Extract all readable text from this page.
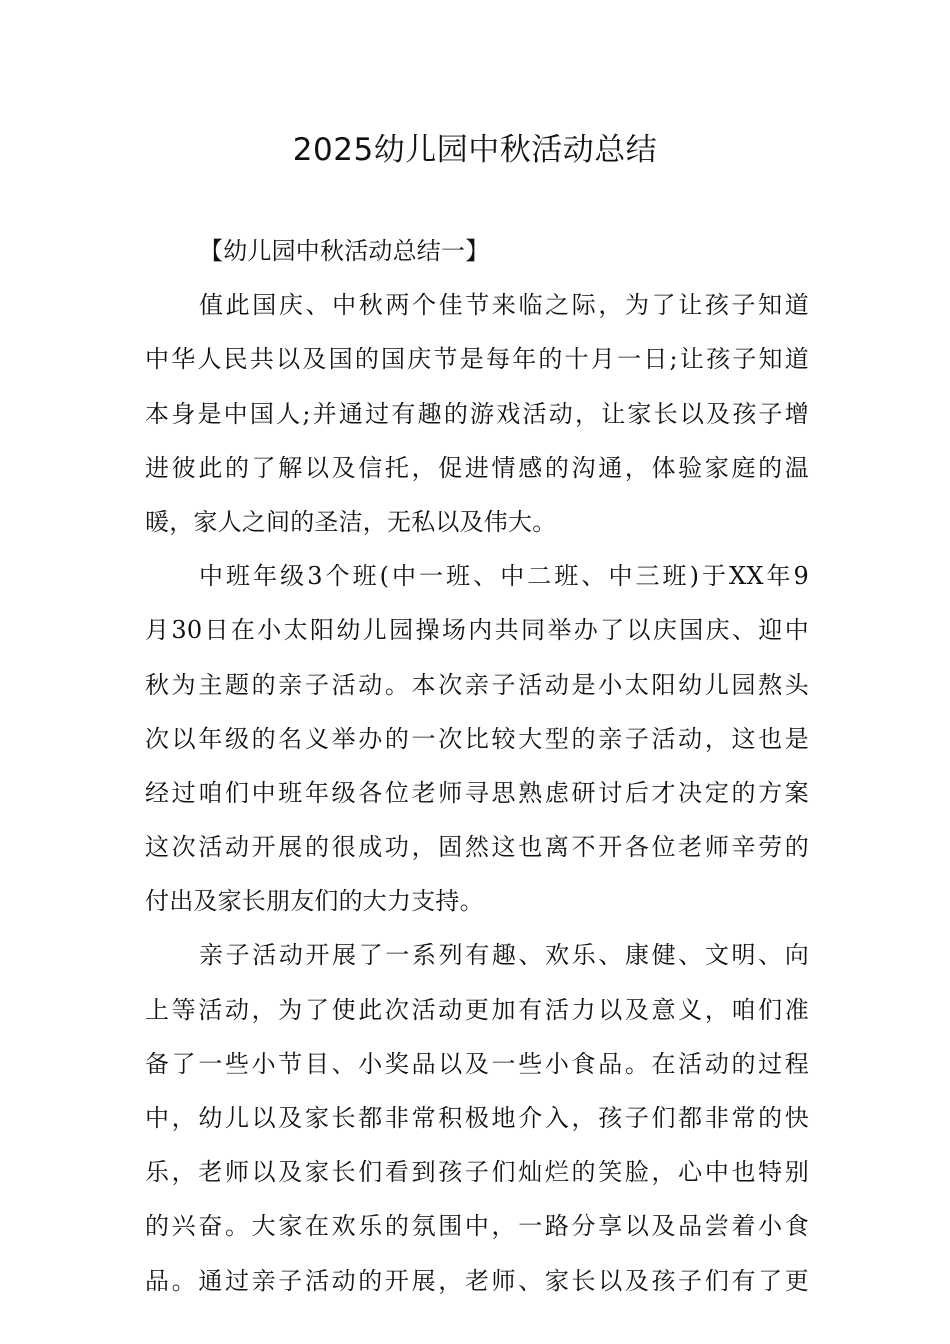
2025幼儿园中秋活动总结
【幼儿园中秋活动总结一】
值此国庆、中秋两个佳节来临之际，为了让孩子知道
中华人民共以及国的国庆节是每年的十月一日;让孩子知道
本身是中国人;并通过有趣的游戏活动，让家长以及孩子增
进彼此的了解以及信托，促进情感的沟通，体验家庭的温
暖，家人之间的圣洁，无私以及伟大。
中班年级3个班(中一班、中二班、中三班)于XX年9
月30日在小太阳幼儿园操场内共同举办了以庆国庆、迎中
秋为主题的亲子活动。本次亲子活动是小太阳幼儿园熬头
次以年级的名义举办的一次比较大型的亲子活动，这也是
经过咱们中班年级各位老师寻思熟虑研讨后才决定的方案
这次活动开展的很成功，固然这也离不开各位老师辛劳的
付出及家长朋友们的大力支持。
亲子活动开展了一系列有趣、欢乐、康健、文明、向
上等活动，为了使此次活动更加有活力以及意义，咱们准
备了一些小节目、小奖品以及一些小食品。在活动的过程
中，幼儿以及家长都非常积极地介入，孩子们都非常的快
乐，老师以及家长们看到孩子们灿烂的笑脸，心中也特别
的兴奋。大家在欢乐的氛围中，一路分享以及品尝着小食
品。通过亲子活动的开展，老师、家长以及孩子们有了更
